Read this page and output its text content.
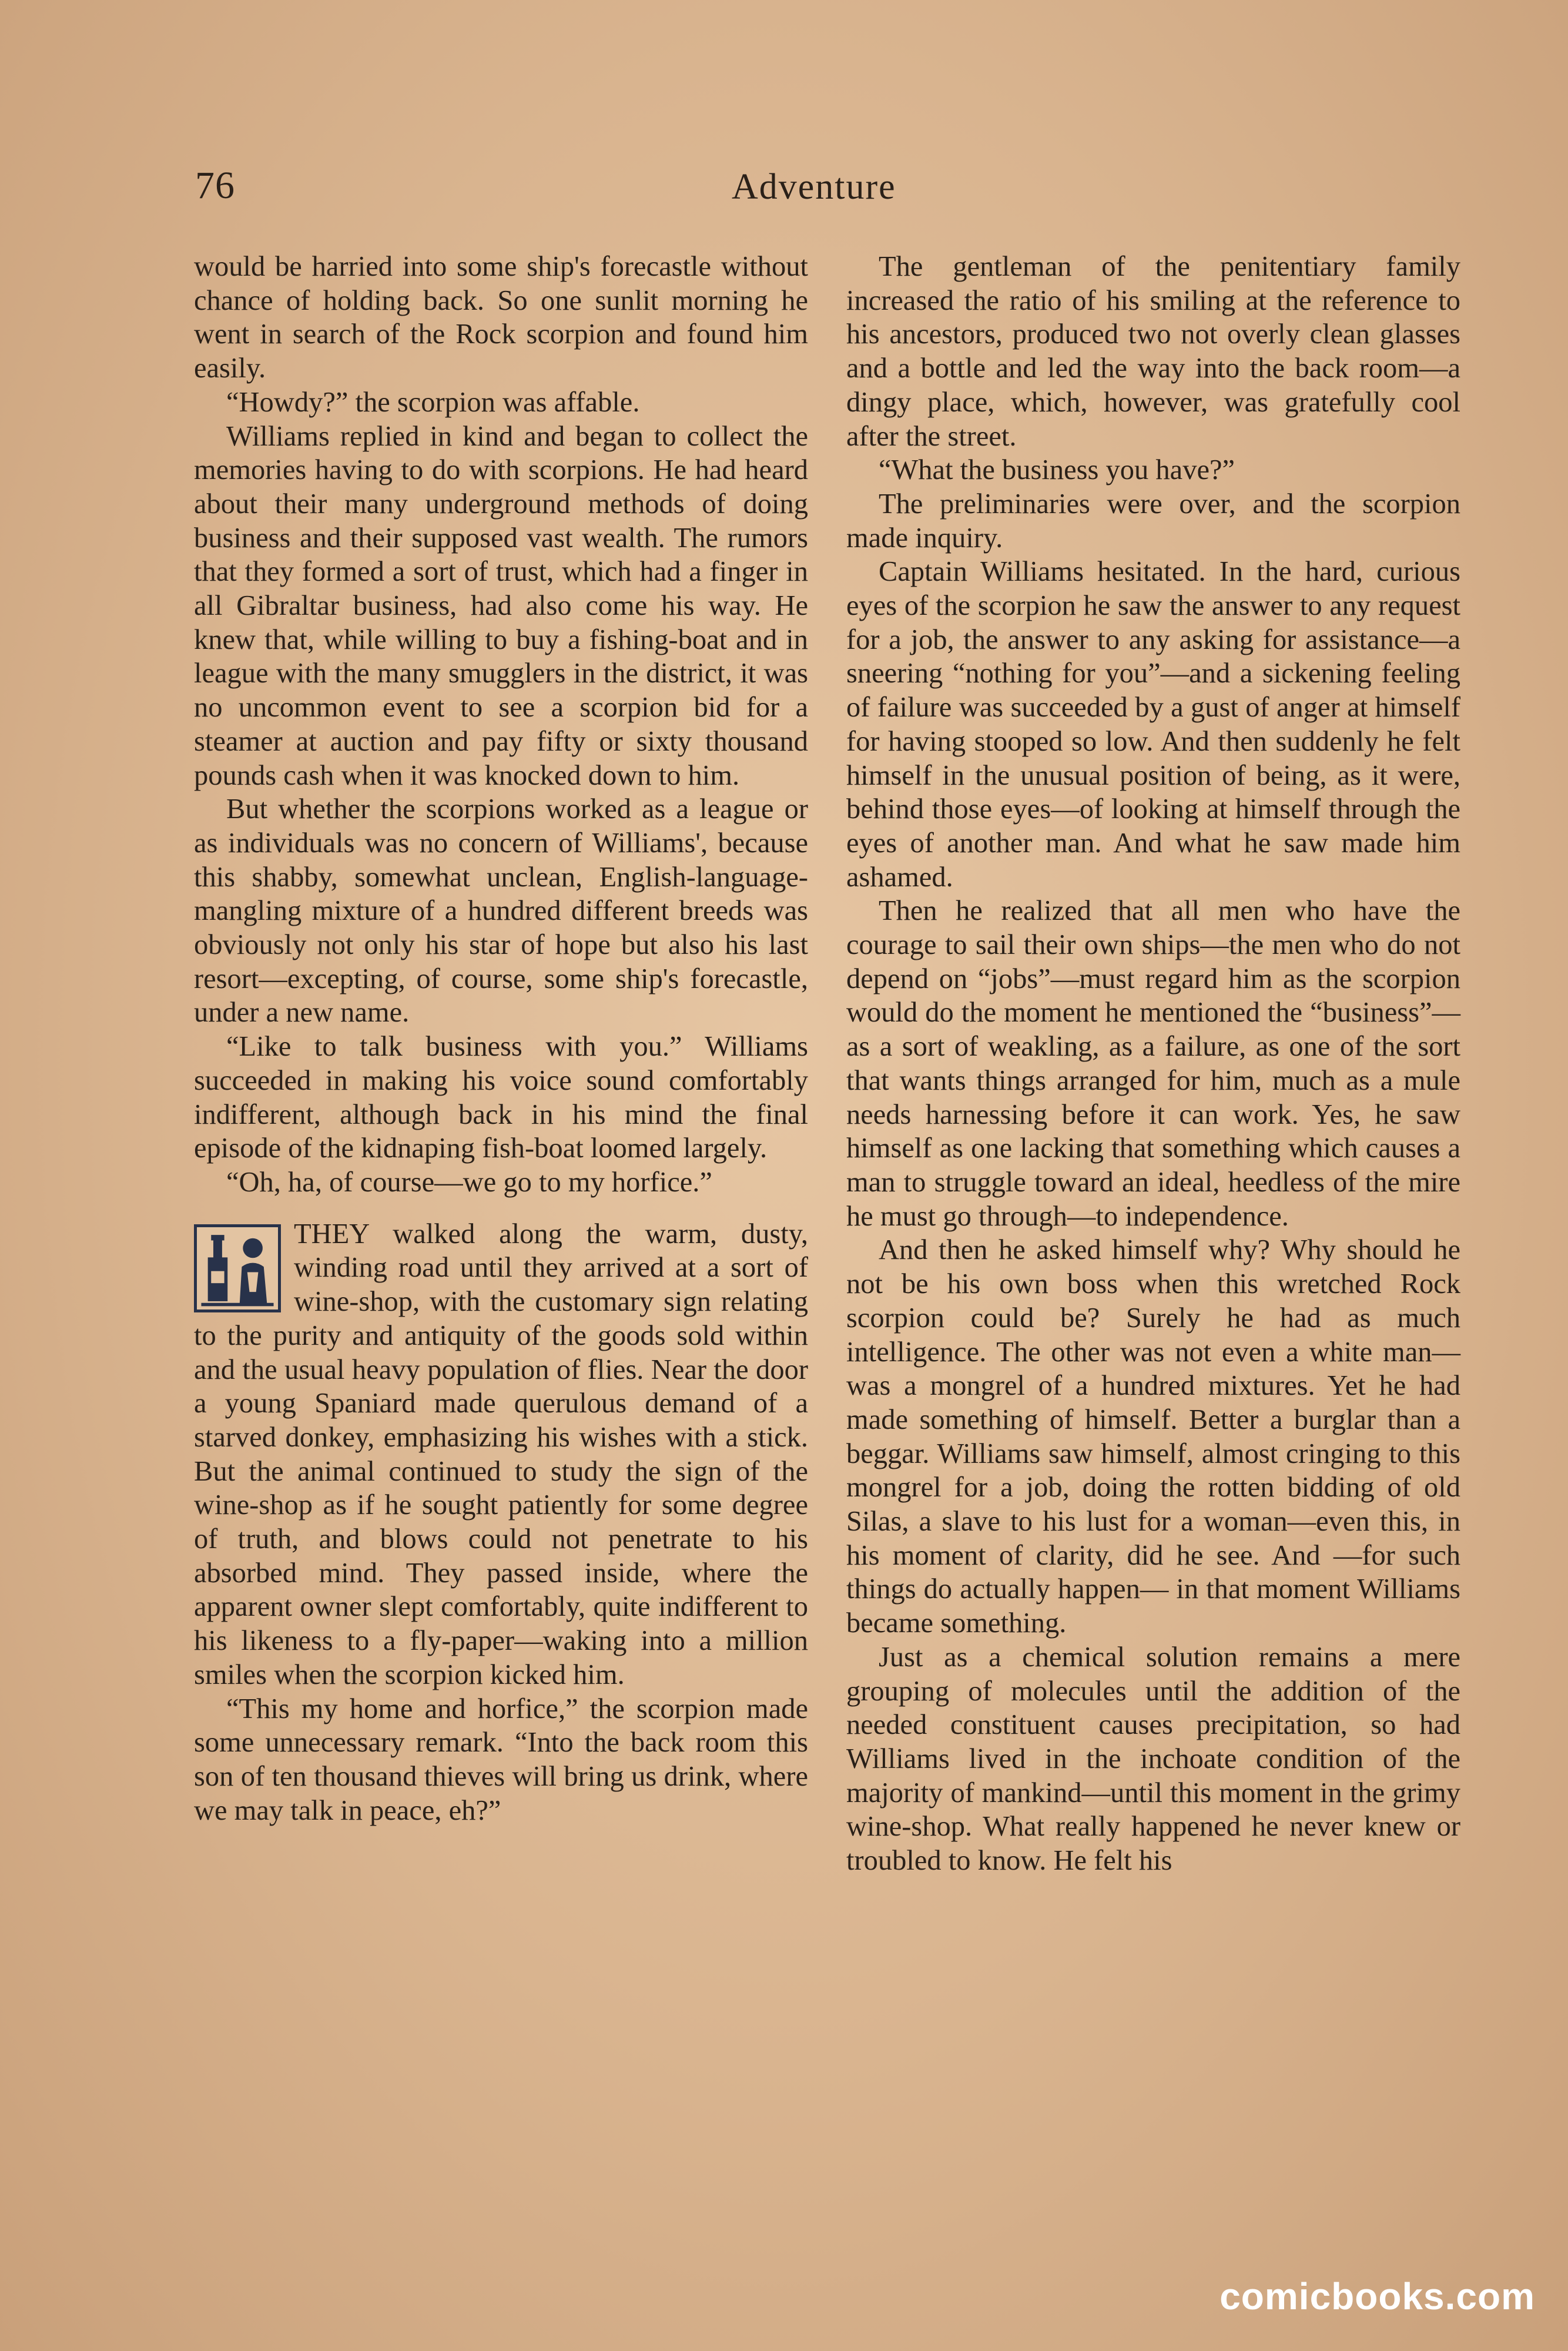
76	Adventure

would be harried into some ship's forecastle without chance of holding back. So one sunlit morning he went in search of the Rock scorpion and found him easily.

“Howdy?” the scorpion was affable.

Williams replied in kind and began to collect the memories having to do with scorpions. He had heard about their many underground methods of doing business and their supposed vast wealth. The rumors that they formed a sort of trust, which had a finger in all Gibraltar business, had also come his way. He knew that, while willing to buy a fishing-boat and in league with the many smugglers in the district, it was no uncommon event to see a scorpion bid for a steamer at auction and pay fifty or sixty thousand pounds cash when it was knocked down to him.

But whether the scorpions worked as a league or as individuals was no concern of Williams', because this shabby, somewhat unclean, English-language-mangling mixture of a hundred different breeds was obviously not only his star of hope but also his last resort—excepting, of course, some ship's forecastle, under a new name.

“Like to talk business with you.” Williams succeeded in making his voice sound comfortably indifferent, although back in his mind the final episode of the kidnaping fish-boat loomed largely.

“Oh, ha, of course—we go to my horfice.”

THEY walked along the warm, dusty, winding road until they arrived at a sort of wine-shop, with the customary sign relating to the purity and antiquity of the goods sold within and the usual heavy population of flies. Near the door a young Spaniard made querulous demand of a starved donkey, emphasizing his wishes with a stick. But the animal continued to study the sign of the wine-shop as if he sought patiently for some degree of truth, and blows could not penetrate to his absorbed mind. They passed inside, where the apparent owner slept comfortably, quite indifferent to his likeness to a fly-paper—waking into a million smiles when the scorpion kicked him.

“This my home and horfice,” the scorpion made some unnecessary remark. “Into the back room this son of ten thousand thieves will bring us drink, where we may talk in peace, eh?”

The gentleman of the penitentiary family increased the ratio of his smiling at the reference to his ancestors, produced two not overly clean glasses and a bottle and led the way into the back room—a dingy place, which, however, was gratefully cool after the street.

“What the business you have?”

The preliminaries were over, and the scorpion made inquiry.

Captain Williams hesitated. In the hard, curious eyes of the scorpion he saw the answer to any request for a job, the answer to any asking for assistance—a sneering “nothing for you”—and a sickening feeling of failure was succeeded by a gust of anger at himself for having stooped so low. And then suddenly he felt himself in the unusual position of being, as it were, behind those eyes—of looking at himself through the eyes of another man. And what he saw made him ashamed.

Then he realized that all men who have the courage to sail their own ships—the men who do not depend on “jobs”—must regard him as the scorpion would do the moment he mentioned the “business”—as a sort of weakling, as a failure, as one of the sort that wants things arranged for him, much as a mule needs harnessing before it can work. Yes, he saw himself as one lacking that something which causes a man to struggle toward an ideal, heedless of the mire he must go through—to independence.

And then he asked himself why? Why should he not be his own boss when this wretched Rock scorpion could be? Surely he had as much intelligence. The other was not even a white man—was a mongrel of a hundred mixtures. Yet he had made something of himself. Better a burglar than a beggar. Williams saw himself, almost cringing to this mongrel for a job, doing the rotten bidding of old Silas, a slave to his lust for a woman—even this, in his moment of clarity, did he see. And —for such things do actually happen— in that moment Williams became something.

Just as a chemical solution remains a mere grouping of molecules until the addition of the needed constituent causes precipitation, so had Williams lived in the inchoate condition of the majority of mankind—until this moment in the grimy wine-shop. What really happened he never knew or troubled to know. He felt his

comicbooks.com
